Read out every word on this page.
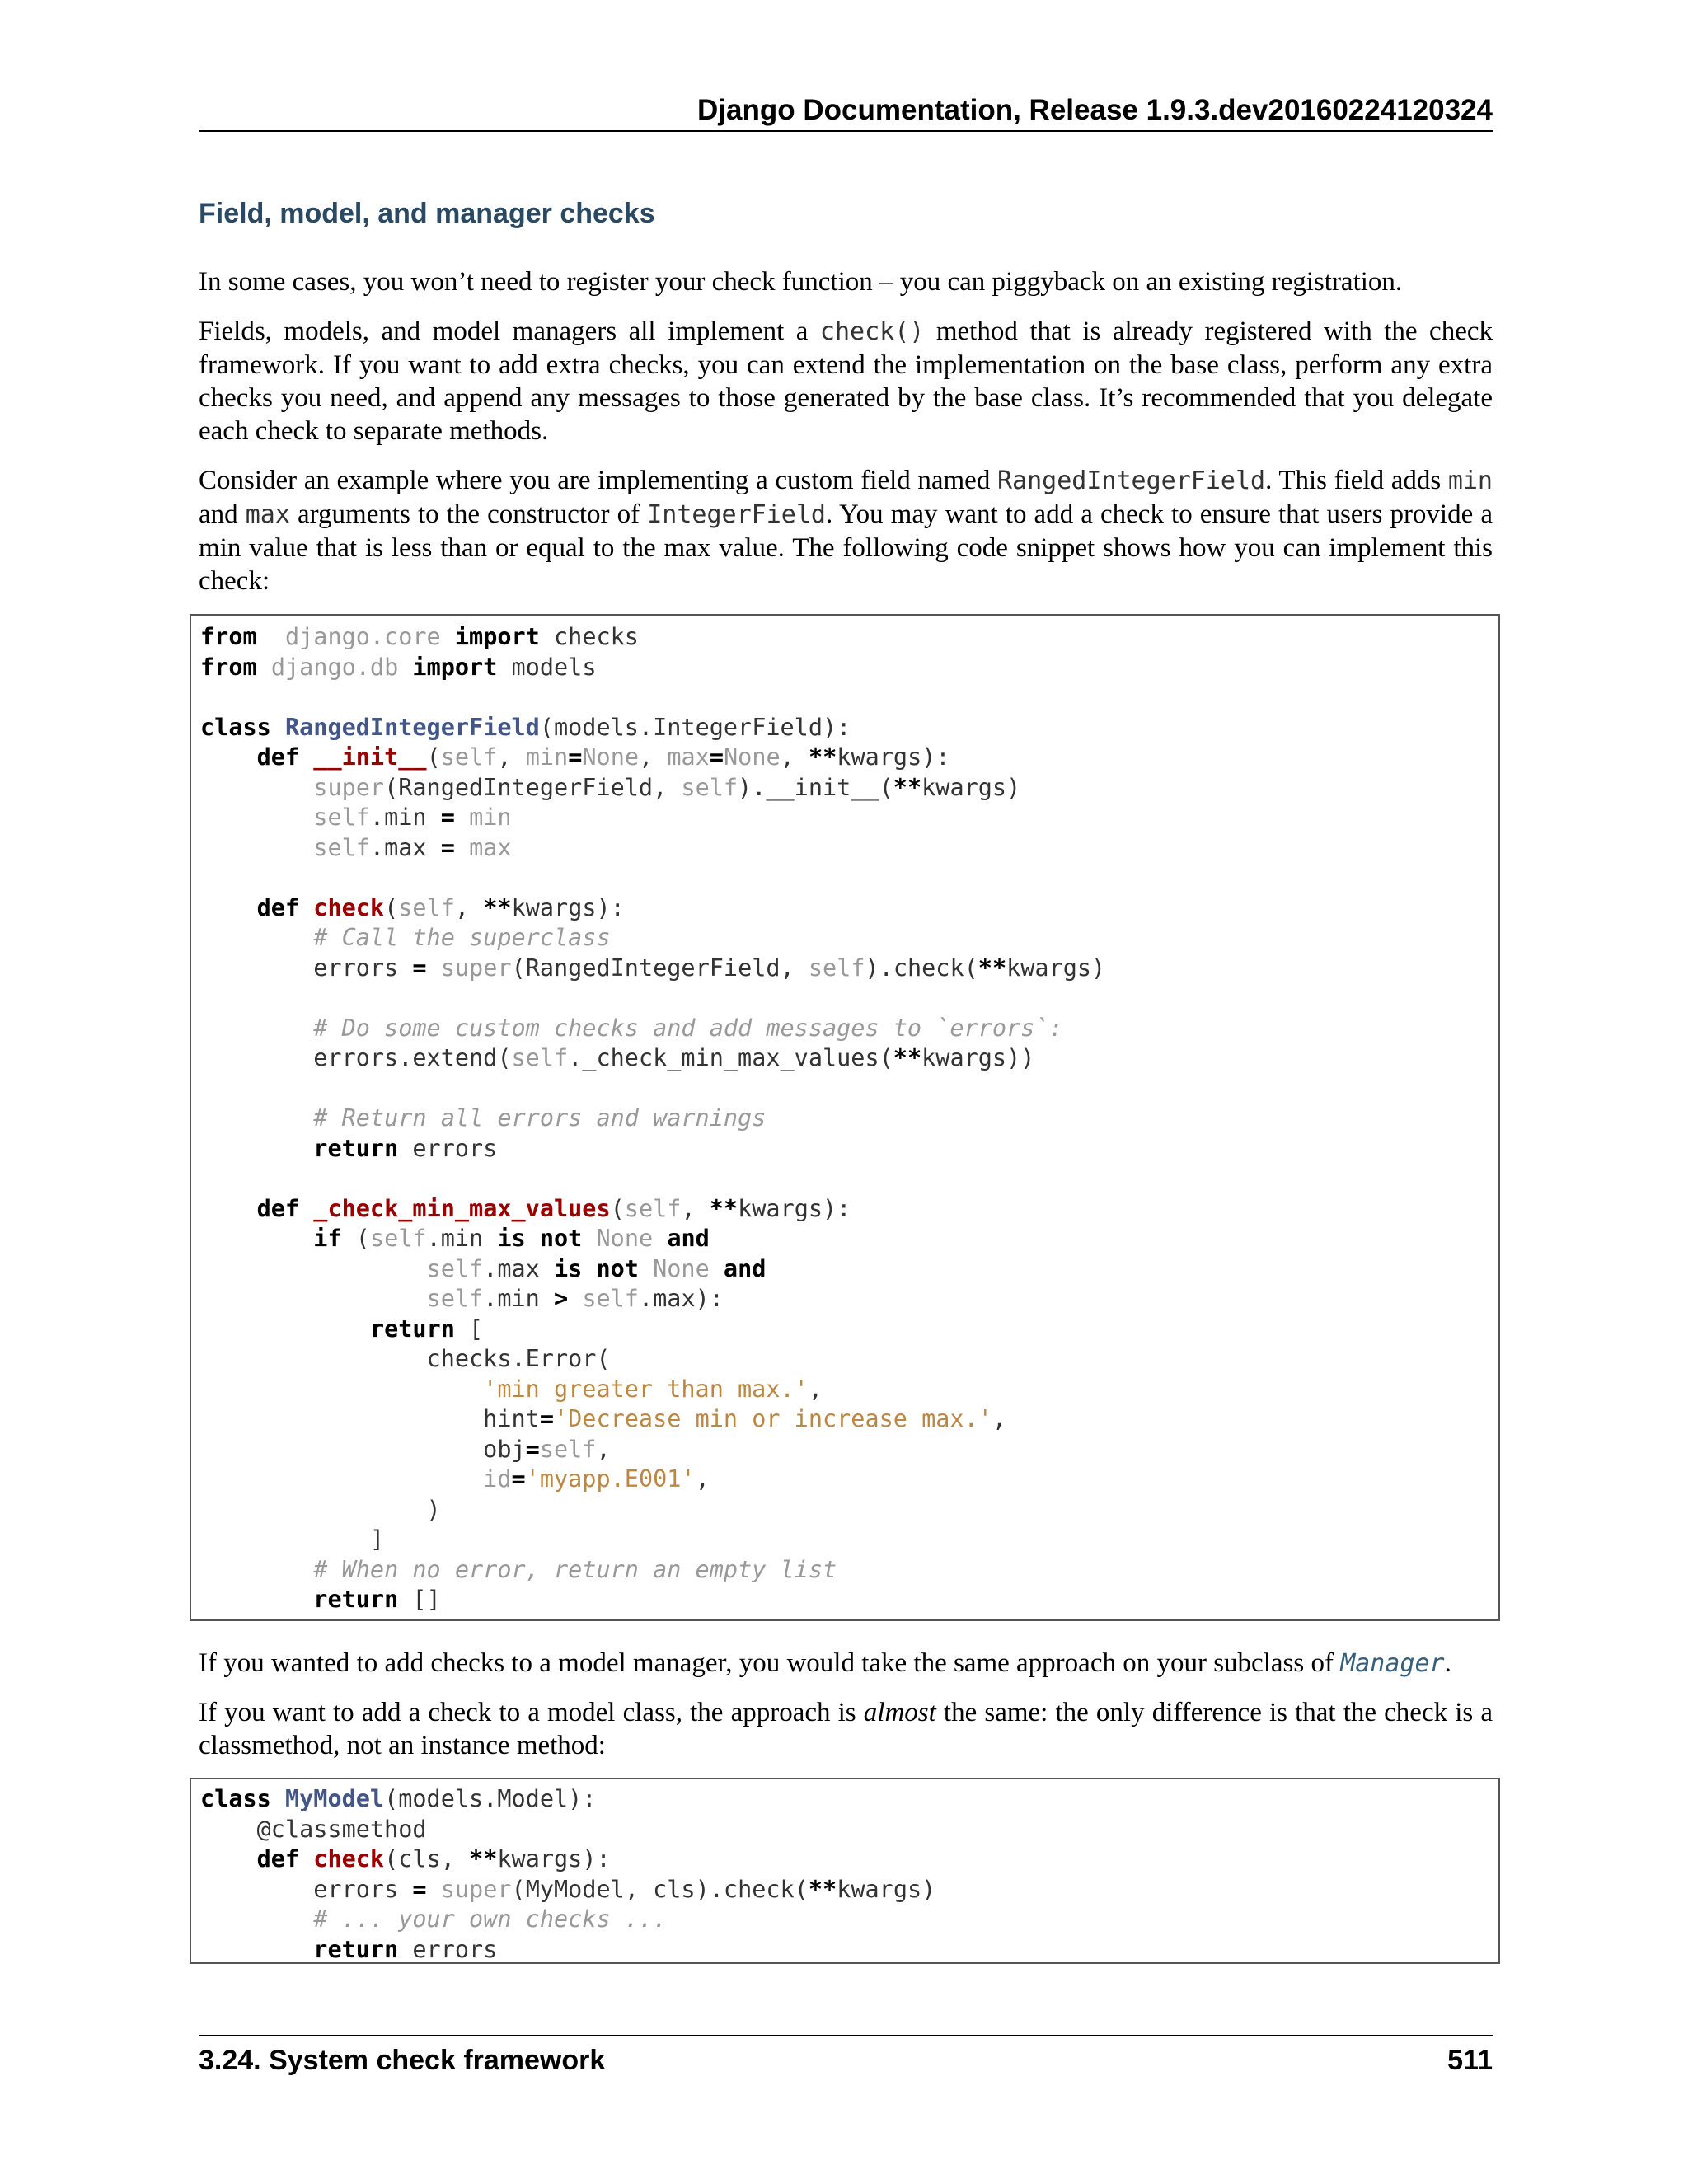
Django Documentation, Release 1.9.3.dev20160224120324
Field, model, and manager checks

In some cases, you won’t need to register your check function – you can piggyback on an existing registration.

Fields, models, and model managers all implement a check() method that is already registered with the check framework. If you want to add extra checks, you can extend the implementation on the base class, perform any extra checks you need, and append any messages to those generated by the base class. It’s recommended that you delegate each check to separate methods.

Consider an example where you are implementing a custom field named RangedIntegerField. This field adds min and max arguments to the constructor of IntegerField. You may want to add a check to ensure that users provide a min value that is less than or equal to the max value. The following code snippet shows how you can implement this check:

from django.core import checks
from django.db import models

class RangedIntegerField(models.IntegerField):
def __init__(self, min=None, max=None, **kwargs):
super(RangedIntegerField, self).__init__(**kwargs)
self.min = min
self.max = max

def check(self, **kwargs):
# Call the superclass
errors = super(RangedIntegerField, self).check(**kwargs)

# Do some custom checks and add messages to `errors`:
errors.extend(self._check_min_max_values(**kwargs))

# Return all errors and warnings
return errors

def _check_min_max_values(self, **kwargs):
if (self.min is not None and
self.max is not None and
self.min > self.max):
return [
checks.Error(
'min greater than max.',
hint='Decrease min or increase max.',
obj=self,
id='myapp.E001',
)
]
# When no error, return an empty list
return []

If you wanted to add checks to a model manager, you would take the same approach on your subclass of Manager.

If you want to add a check to a model class, the approach is almost the same: the only difference is that the check is a classmethod, not an instance method:

class MyModel(models.Model):
@classmethod
def check(cls, **kwargs):
errors = super(MyModel, cls).check(**kwargs)
# ... your own checks ...
return errors
3.24. System check framework	511
